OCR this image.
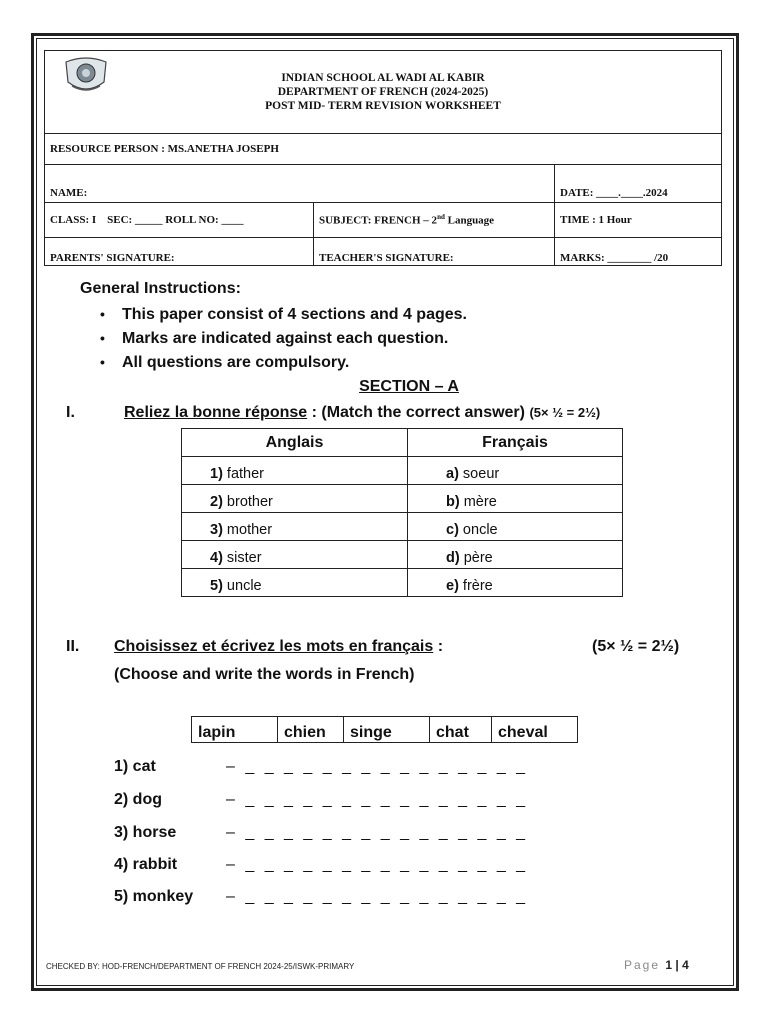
INDIAN SCHOOL AL WADI AL KABIR
DEPARTMENT OF FRENCH (2024-2025)
POST MID- TERM REVISION WORKSHEET		

RESOURCE PERSON : MS.ANETHA JOSEPH		
NAME:		DATE: ____.____.2024
CLASS: I    SEC: _____ ROLL NO: ____	SUBJECT: FRENCH – 2nd Language	TIME : 1 Hour
PARENTS' SIGNATURE:	TEACHER'S SIGNATURE:	MARKS: ________ /20
General Instructions:
• This paper consist of 4 sections and 4 pages.
• Marks are indicated against each question.
• All questions are compulsory.
SECTION – A
I.	Reliez la bonne réponse : (Match the correct answer) (5× ½ = 2½)
Anglais	Français
1) father	a) soeur
2) brother	b) mère
3) mother	c) oncle
4) sister	d) père
5) uncle	e) frère
II. Choisissez et écrivez les mots en français :	(5× ½ = 2½)
(Choose and write the words in French)
lapin	chien	singe	chat	cheval
1) cat	– _ _ _ _ _ _ _ _ _ _ _ _ _ _ _
2) dog	– _ _ _ _ _ _ _ _ _ _ _ _ _ _ _
3) horse	– _ _ _ _ _ _ _ _ _ _ _ _ _ _ _
4) rabbit	– _ _ _ _ _ _ _ _ _ _ _ _ _ _ _
5) monkey – _ _ _ _ _ _ _ _ _ _ _ _ _ _ _
CHECKED BY: HOD-FRENCH/DEPARTMENT OF FRENCH 2024-25/ISWK-PRIMARY	Page 1 | 4
